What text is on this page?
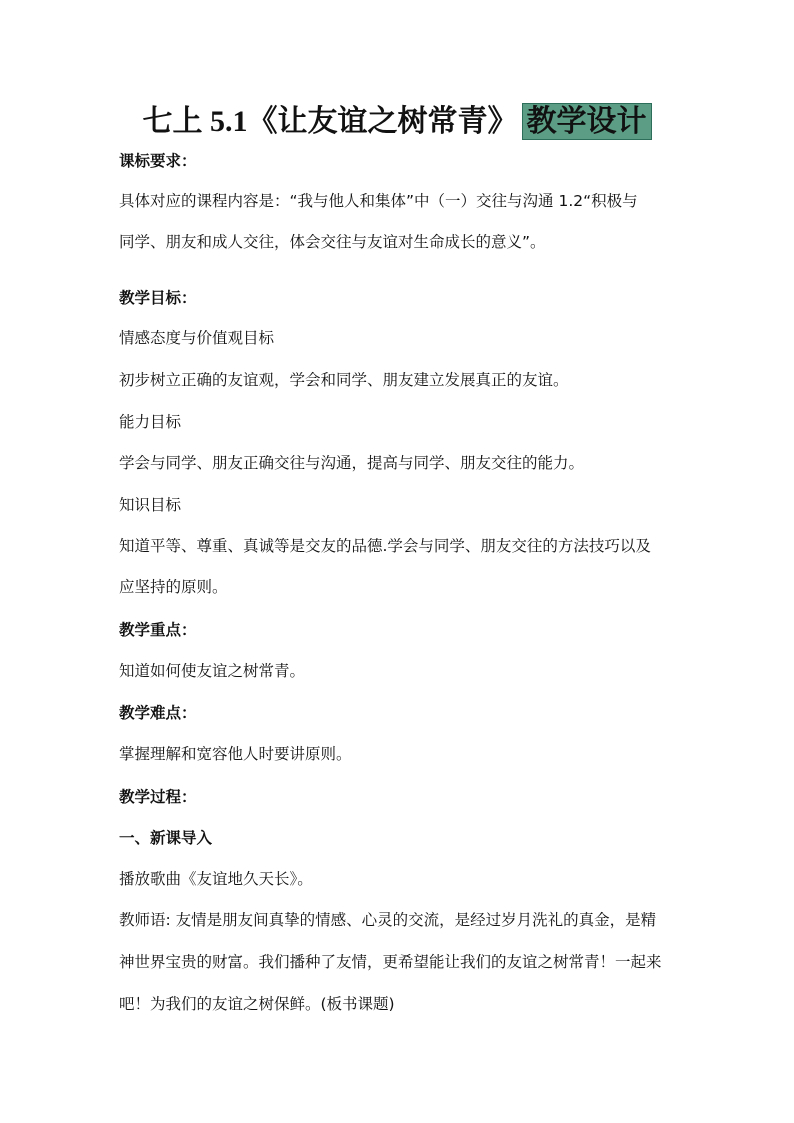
七上 5.1《让友谊之树常青》 教学设计
课标要求：
具体对应的课程内容是：“我与他人和集体”中（一）交往与沟通 1.2“积极与
同学、朋友和成人交往，体会交往与友谊对生命成长的意义”。
教学目标：
情感态度与价值观目标
初步树立正确的友谊观，学会和同学、朋友建立发展真正的友谊。
能力目标
学会与同学、朋友正确交往与沟通，提高与同学、朋友交往的能力。
知识目标
知道平等、尊重、真诚等是交友的品德.学会与同学、朋友交往的方法技巧以及
应坚持的原则。
教学重点：
知道如何使友谊之树常青。
教学难点：
掌握理解和宽容他人时要讲原则。
教学过程：
一、新课导入
播放歌曲《友谊地久天长》。
教师语: 友情是朋友间真挚的情感、心灵的交流，是经过岁月洗礼的真金，是精
神世界宝贵的财富。我们播种了友情，更希望能让我们的友谊之树常青！一起来
吧！为我们的友谊之树保鲜。(板书课题)
